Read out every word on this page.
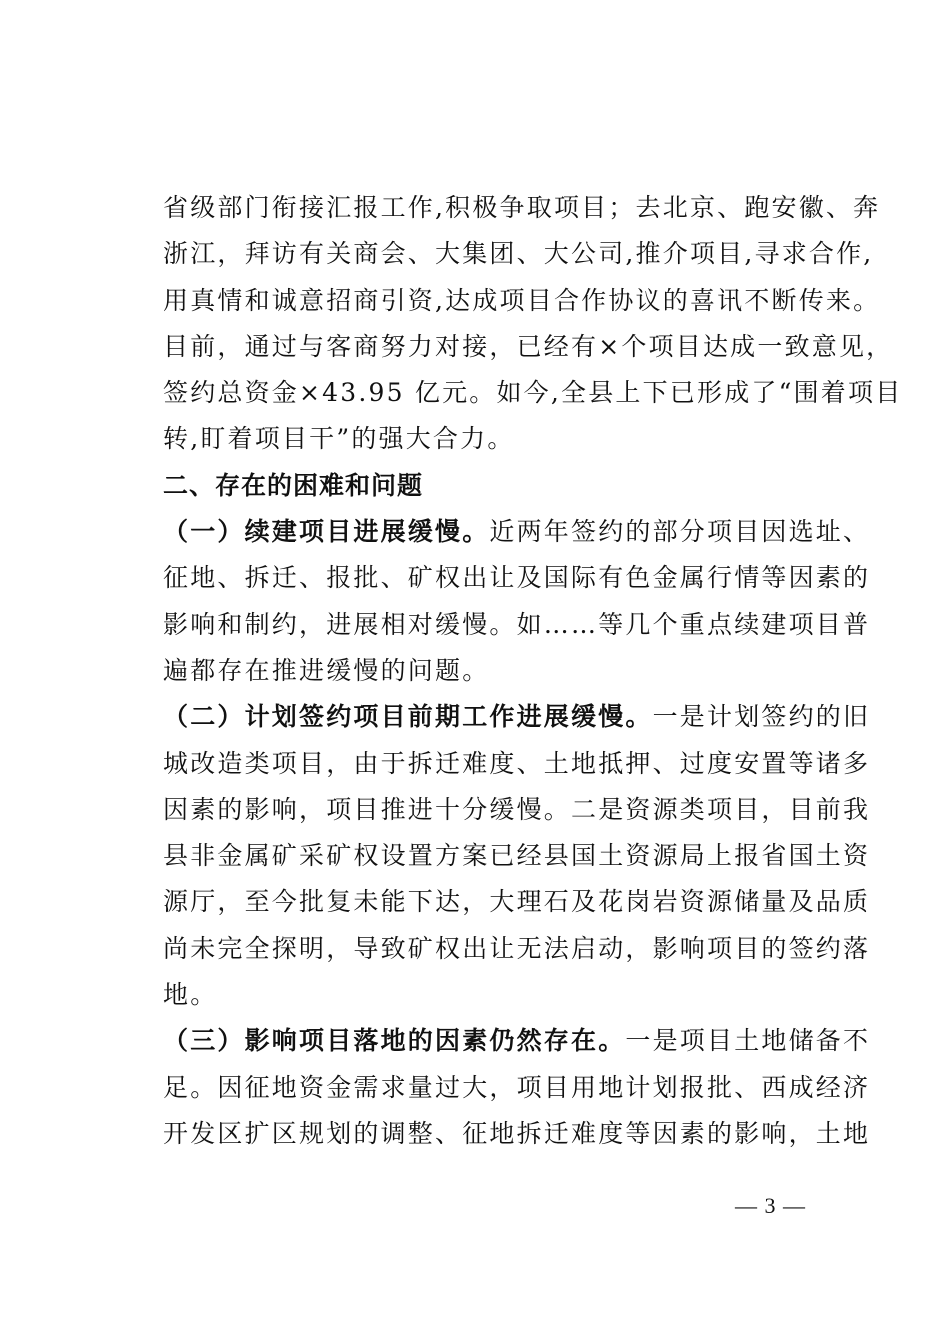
省级部门衔接汇报工作,积极争取项目；去北京、跑安徽、奔
浙江，拜访有关商会、大集团、大公司,推介项目,寻求合作,
用真情和诚意招商引资,达成项目合作协议的喜讯不断传来。
目前，通过与客商努力对接，已经有×个项目达成一致意见，
签约总资金×43.95 亿元。如今,全县上下已形成了“围着项目
转,盯着项目干”的强大合力。
二、存在的困难和问题
（一）续建项目进展缓慢。近两年签约的部分项目因选址、
征地、拆迁、报批、矿权出让及国际有色金属行情等因素的
影响和制约，进展相对缓慢。如……等几个重点续建项目普
遍都存在推进缓慢的问题。
（二）计划签约项目前期工作进展缓慢。一是计划签约的旧
城改造类项目，由于拆迁难度、土地抵押、过度安置等诸多
因素的影响，项目推进十分缓慢。二是资源类项目，目前我
县非金属矿采矿权设置方案已经县国土资源局上报省国土资
源厅，至今批复未能下达，大理石及花岗岩资源储量及品质
尚未完全探明，导致矿权出让无法启动，影响项目的签约落
地。
（三）影响项目落地的因素仍然存在。一是项目土地储备不
足。因征地资金需求量过大，项目用地计划报批、西成经济
开发区扩区规划的调整、征地拆迁难度等因素的影响，土地
— 3 —
